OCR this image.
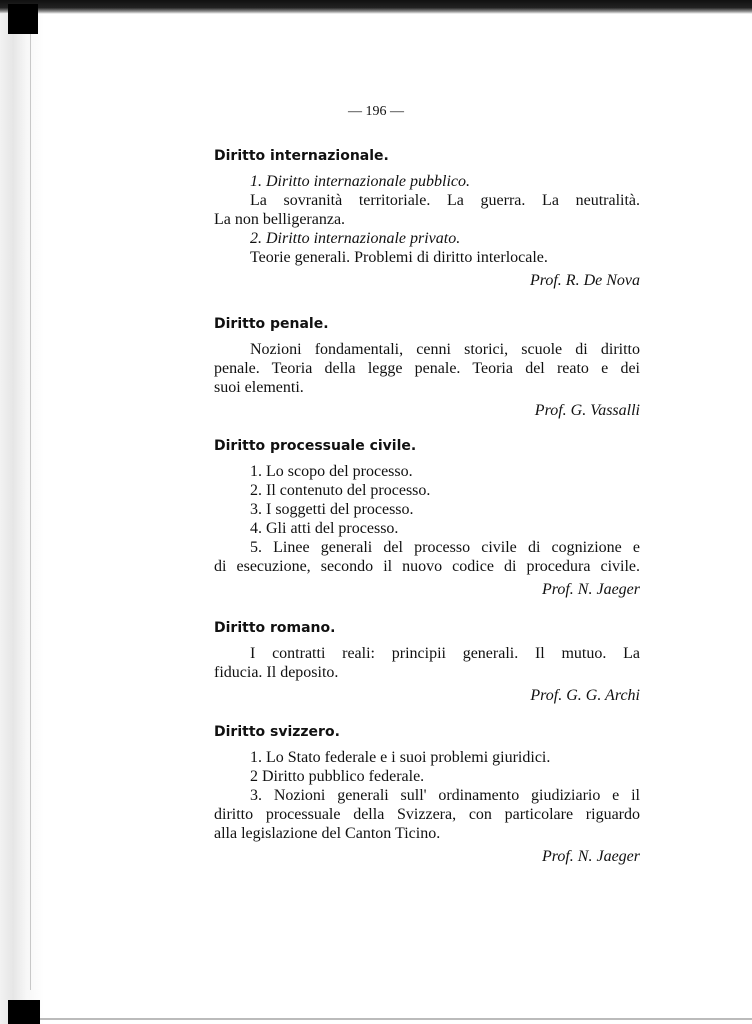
— 196 —
Diritto internazionale.
1. Diritto internazionale pubblico.
La sovranità territoriale. La guerra. La neutralità.
La non belligeranza.
2. Diritto internazionale privato.
Teorie generali. Problemi di diritto interlocale.
Prof. R. De Nova
Diritto penale.
Nozioni fondamentali, cenni storici, scuole di diritto
penale. Teoria della legge penale. Teoria del reato e dei
suoi elementi.
Prof. G. Vassalli
Diritto processuale civile.
1. Lo scopo del processo.
2. Il contenuto del processo.
3. I soggetti del processo.
4. Gli atti del processo.
5. Linee generali del processo civile di cognizione e
di esecuzione, secondo il nuovo codice di procedura civile.
Prof. N. Jaeger
Diritto romano.
I contratti reali: principii generali. Il mutuo. La
fiducia. Il deposito.
Prof. G. G. Archi
Diritto svizzero.
1. Lo Stato federale e i suoi problemi giuridici.
2 Diritto pubblico federale.
3. Nozioni generali sull' ordinamento giudiziario e il
diritto processuale della Svizzera, con particolare riguardo
alla legislazione del Canton Ticino.
Prof. N. Jaeger
